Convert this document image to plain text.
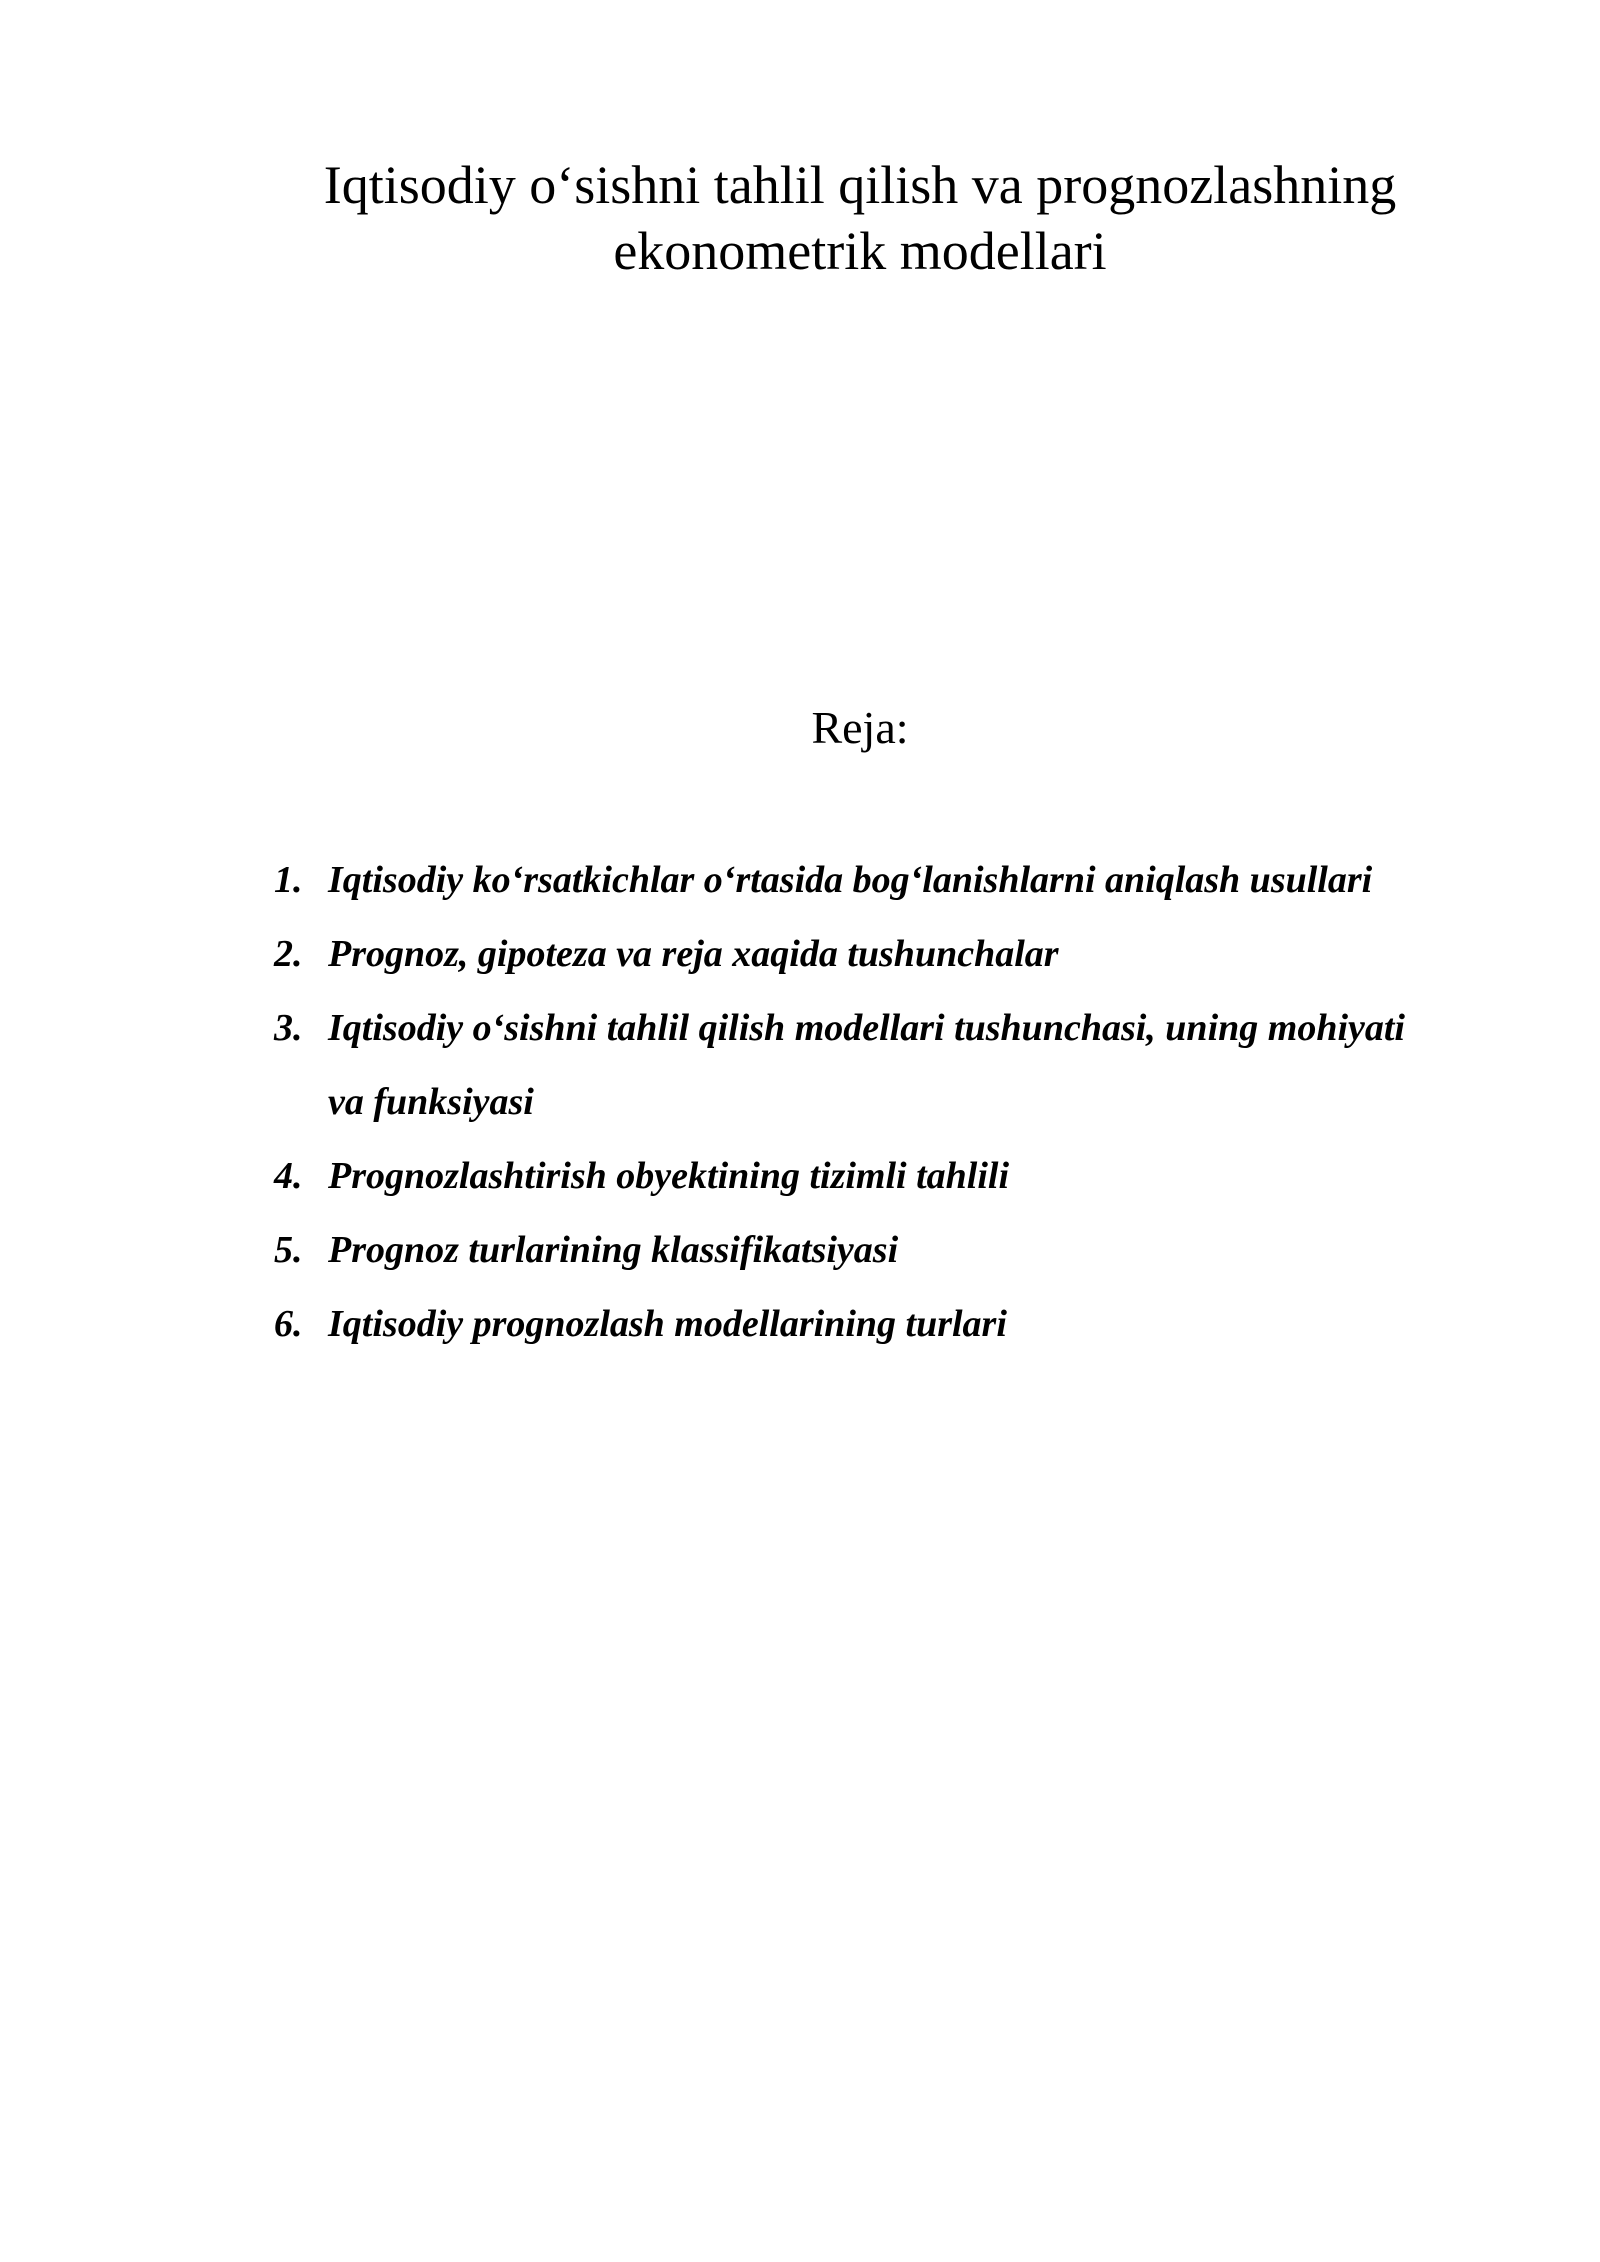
Iqtisodiy o‘sishni tahlil qilish va prognozlashning
ekonometrik modellari
Reja:
1. Iqtisodiy ko‘rsatkichlar o‘rtasida bog‘lanishlarni aniqlash usullari
2. Prognoz, gipoteza va reja xaqida tushunchalar
3. Iqtisodiy o‘sishni tahlil qilish modellari tushunchasi, uning mohiyati va funksiyasi
4. Prognozlashtirish obyektining tizimli tahlili
5. Prognoz turlarining klassifikatsiyasi
6. Iqtisodiy prognozlash modellarining turlari
